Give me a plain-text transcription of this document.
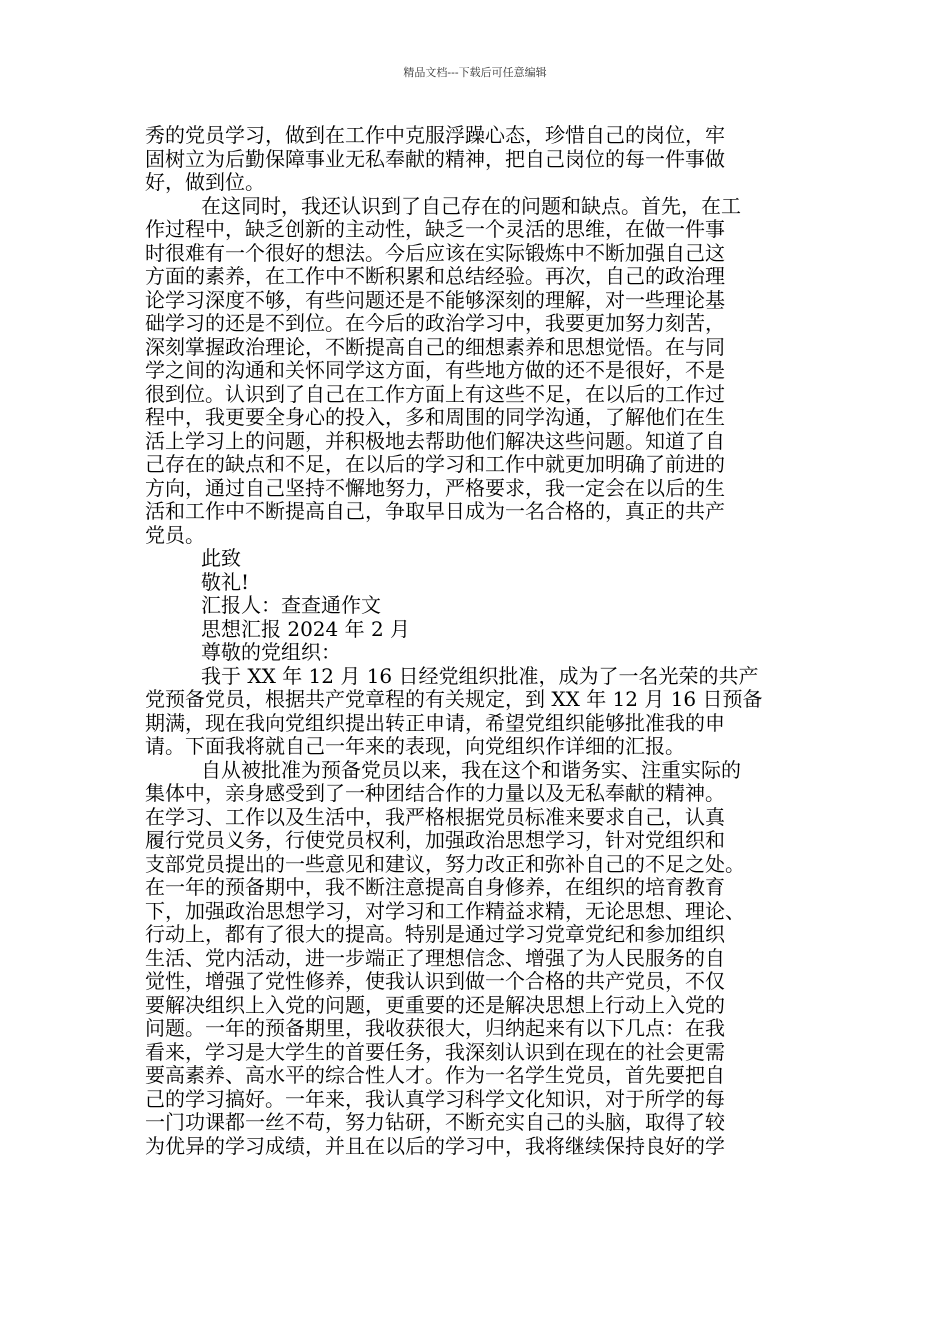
精品文档---下载后可任意编辑
秀的党员学习，做到在工作中克服浮躁心态，珍惜自己的岗位，牢
固树立为后勤保障事业无私奉献的精神，把自己岗位的每一件事做
好，做到位。
在这同时，我还认识到了自己存在的问题和缺点。首先，在工
作过程中，缺乏创新的主动性，缺乏一个灵活的思维，在做一件事
时很难有一个很好的想法。今后应该在实际锻炼中不断加强自己这
方面的素养，在工作中不断积累和总结经验。再次，自己的政治理
论学习深度不够，有些问题还是不能够深刻的理解，对一些理论基
础学习的还是不到位。在今后的政治学习中，我要更加努力刻苦，
深刻掌握政治理论，不断提高自己的细想素养和思想觉悟。在与同
学之间的沟通和关怀同学这方面，有些地方做的还不是很好，不是
很到位。认识到了自己在工作方面上有这些不足，在以后的工作过
程中，我更要全身心的投入，多和周围的同学沟通，了解他们在生
活上学习上的问题，并积极地去帮助他们解决这些问题。知道了自
己存在的缺点和不足，在以后的学习和工作中就更加明确了前进的
方向，通过自己坚持不懈地努力，严格要求，我一定会在以后的生
活和工作中不断提高自己，争取早日成为一名合格的，真正的共产
党员。
此致
敬礼!
汇报人：查查通作文
思想汇报 2024 年 2 月
尊敬的党组织：
我于 XX 年 12 月 16 日经党组织批准，成为了一名光荣的共产
党预备党员，根据共产党章程的有关规定，到 XX 年 12 月 16 日预备
期满，现在我向党组织提出转正申请，希望党组织能够批准我的申
请。下面我将就自己一年来的表现，向党组织作详细的汇报。
自从被批准为预备党员以来，我在这个和谐务实、注重实际的
集体中，亲身感受到了一种团结合作的力量以及无私奉献的精神。
在学习、工作以及生活中，我严格根据党员标准来要求自己，认真
履行党员义务，行使党员权利，加强政治思想学习，针对党组织和
支部党员提出的一些意见和建议，努力改正和弥补自己的不足之处。
在一年的预备期中，我不断注意提高自身修养，在组织的培育教育
下，加强政治思想学习，对学习和工作精益求精，无论思想、理论、
行动上，都有了很大的提高。特别是通过学习党章党纪和参加组织
生活、党内活动，进一步端正了理想信念、增强了为人民服务的自
觉性，增强了党性修养，使我认识到做一个合格的共产党员，不仅
要解决组织上入党的问题，更重要的还是解决思想上行动上入党的
问题。一年的预备期里，我收获很大，归纳起来有以下几点：在我
看来，学习是大学生的首要任务，我深刻认识到在现在的社会更需
要高素养、高水平的综合性人才。作为一名学生党员，首先要把自
己的学习搞好。一年来，我认真学习科学文化知识，对于所学的每
一门功课都一丝不苟，努力钻研，不断充实自己的头脑，取得了较
为优异的学习成绩，并且在以后的学习中，我将继续保持良好的学
